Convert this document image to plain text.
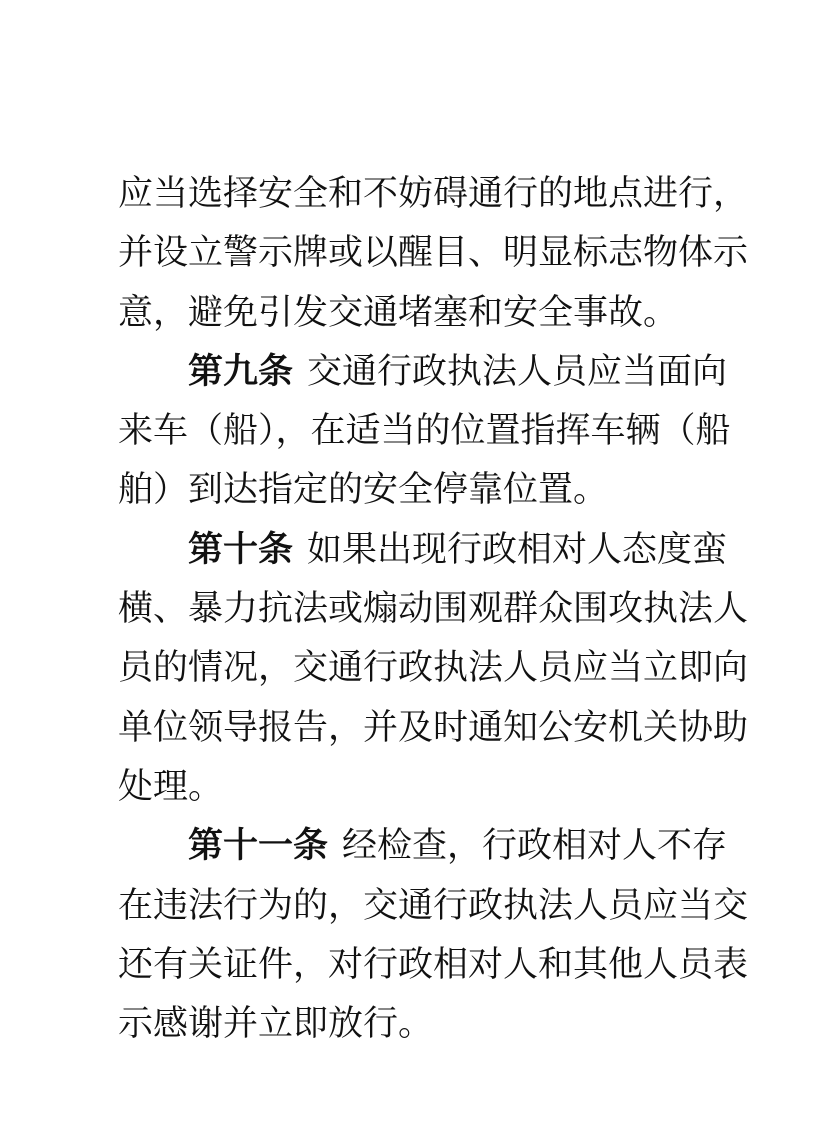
应当选择安全和不妨碍通行的地点进行，
并设立警示牌或以醒目、明显标志物体示
意，避免引发交通堵塞和安全事故。
第九条 交通行政执法人员应当面向
来车（船），在适当的位置指挥车辆（船
舶）到达指定的安全停靠位置。
第十条 如果出现行政相对人态度蛮
横、暴力抗法或煽动围观群众围攻执法人
员的情况，交通行政执法人员应当立即向
单位领导报告，并及时通知公安机关协助
处理。
第十一条 经检查，行政相对人不存
在违法行为的，交通行政执法人员应当交
还有关证件，对行政相对人和其他人员表
示感谢并立即放行。
